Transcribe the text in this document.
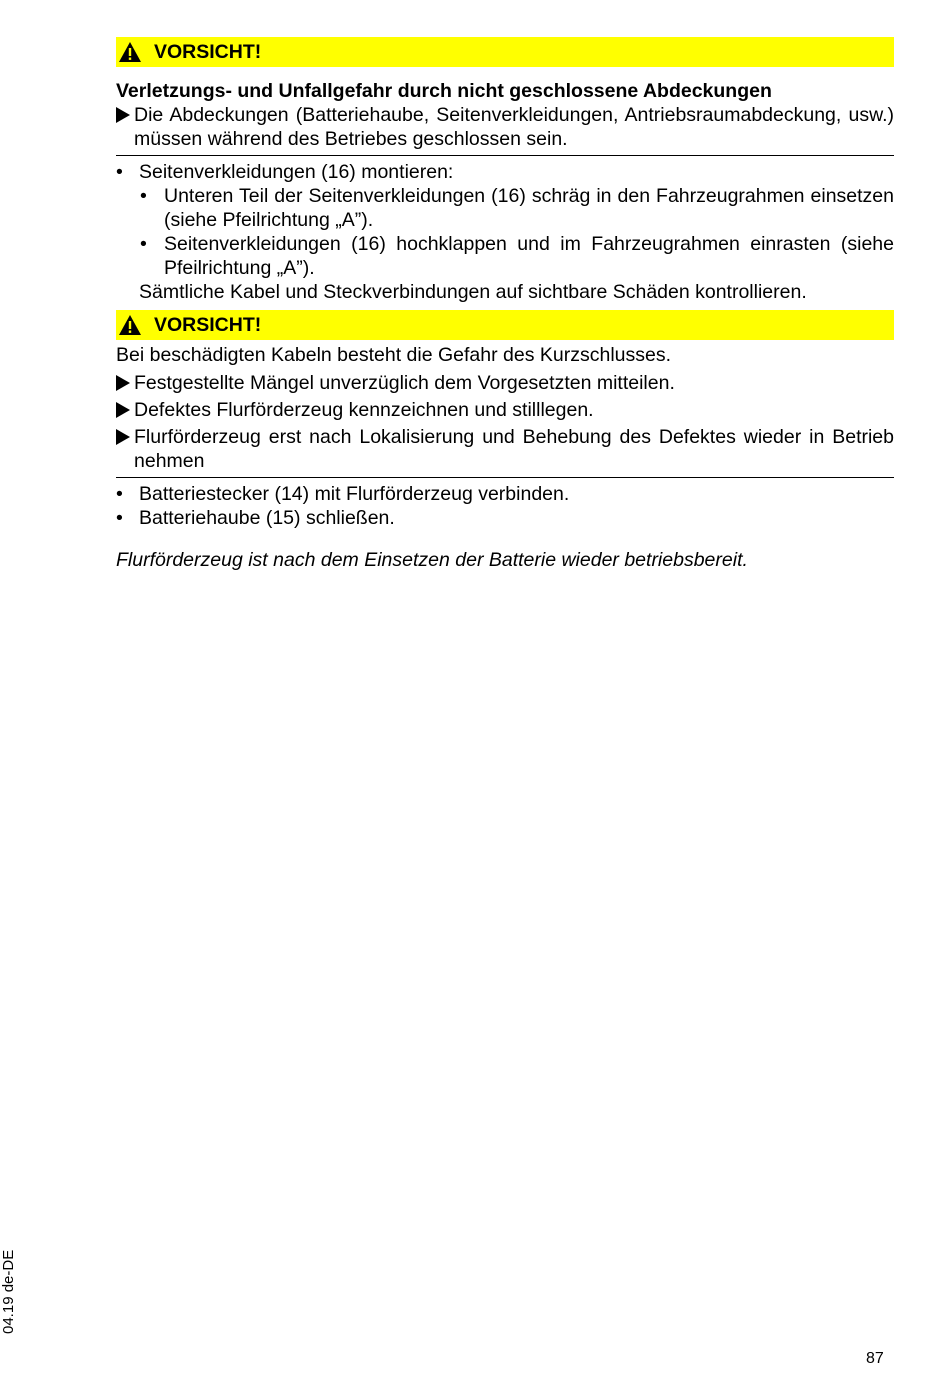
VORSICHT!
Verletzungs- und Unfallgefahr durch nicht geschlossene Abdeckungen
Die Abdeckungen (Batteriehaube, Seitenverkleidungen, Antriebsraumabdeckung, usw.) müssen während des Betriebes geschlossen sein.
• Seitenverkleidungen (16) montieren:
• Unteren Teil der Seitenverkleidungen (16) schräg in den Fahrzeugrahmen einsetzen (siehe Pfeilrichtung „A”).
• Seitenverkleidungen (16) hochklappen und im Fahrzeugrahmen einrasten (siehe Pfeilrichtung „A”).
Sämtliche Kabel und Steckverbindungen auf sichtbare Schäden kontrollieren.
VORSICHT!
Bei beschädigten Kabeln besteht die Gefahr des Kurzschlusses.
Festgestellte Mängel unverzüglich dem Vorgesetzten mitteilen.
Defektes Flurförderzeug kennzeichnen und stilllegen.
Flurförderzeug erst nach Lokalisierung und Behebung des Defektes wieder in Betrieb nehmen
• Batteriestecker (14) mit Flurförderzeug verbinden.
• Batteriehaube (15) schließen.
Flurförderzeug ist nach dem Einsetzen der Batterie wieder betriebsbereit.
04.19 de-DE
87
